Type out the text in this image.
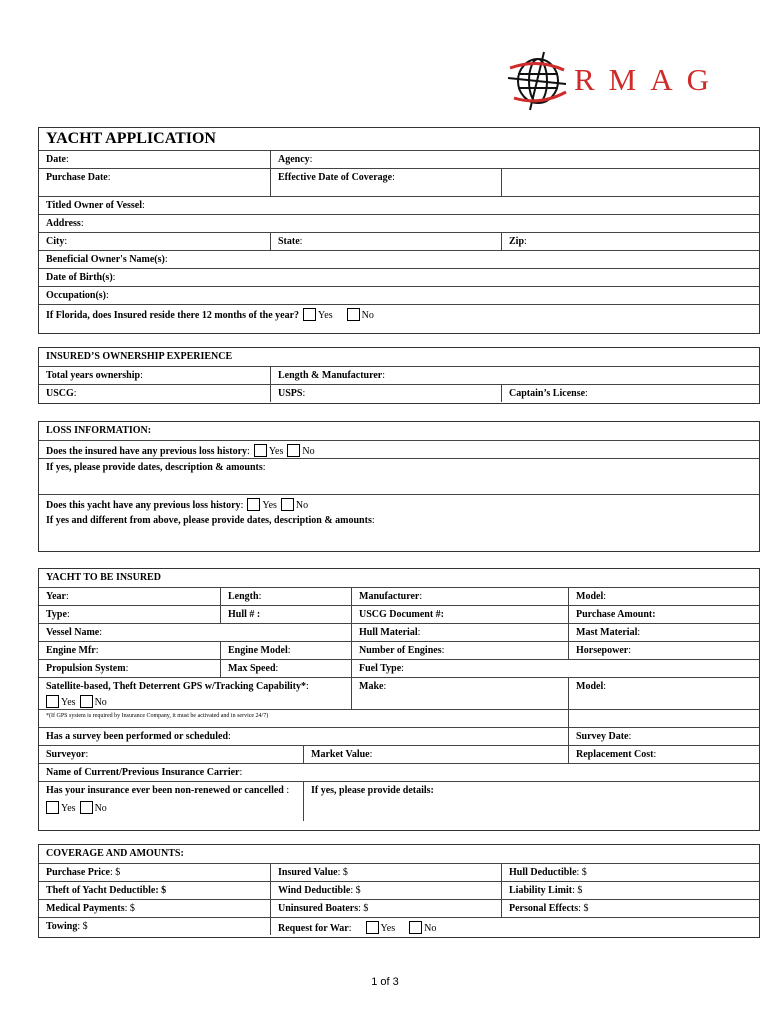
RMAG
YACHT APPLICATION
Date:	Agency:
Purchase Date:	Effective Date of Coverage:
Titled Owner of Vessel:
Address:
City:	State:	Zip:
Beneficial Owner's Name(s):
Date of Birth(s):
Occupation(s):
If Florida, does Insured reside there 12 months of the year? Yes	No
INSURED’S OWNERSHIP EXPERIENCE
Total years ownership:	Length & Manufacturer:
USCG:	USPS:	Captain’s License:
LOSS INFORMATION:
Does the insured have any previous loss history: Yes No
If yes, please provide dates, description & amounts:
Does this yacht have any previous loss history: Yes No
If yes and different from above, please provide dates, description & amounts:
YACHT TO BE INSURED
Year:	Length:	Manufacturer:	Model:
Type:	Hull # :	USCG Document #:	Purchase Amount:
Vessel Name:	Hull Material:	Mast Material:
Engine Mfr:	Engine Model:	Number of Engines:	Horsepower:
Propulsion System:	Max Speed:	Fuel Type:
Satellite-based, Theft Deterrent GPS w/Tracking Capability*:
Yes No
Make:	Model:
*(If GPS system is required by Insurance Company, it must be activated and in service 24/7)
Has a survey been performed or scheduled:	Survey Date:
Surveyor:	Market Value:	Replacement Cost:
Name of Current/Previous Insurance Carrier:
Has your insurance ever been non-renewed or cancelled :
Yes No
If yes, please provide details:
COVERAGE AND AMOUNTS:
Purchase Price: $	Insured Value: $	Hull Deductible: $
Theft of Yacht Deductible: $	Wind Deductible: $	Liability Limit: $
Medical Payments: $	Uninsured Boaters: $	Personal Effects: $
Towing: $	Request for War:	Yes	No
1 of 3
